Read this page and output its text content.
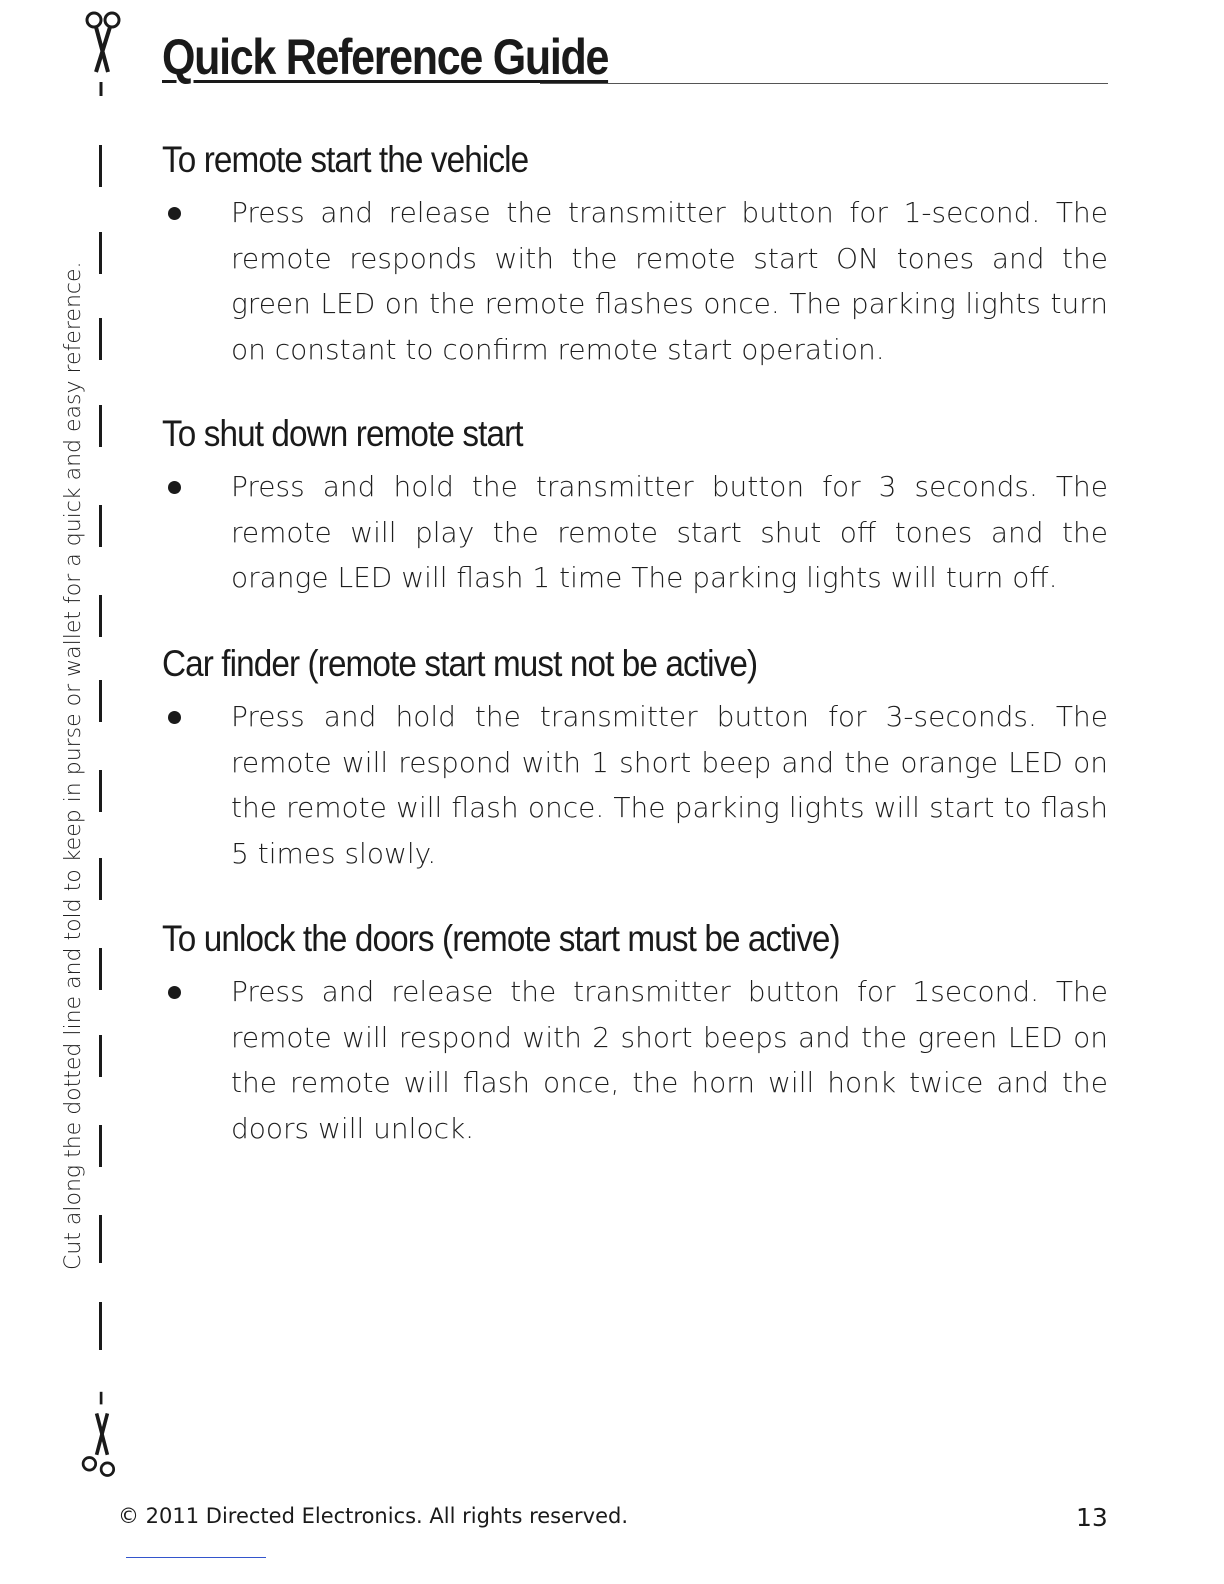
Quick Reference Guide
Cut along the dotted line and told to keep in purse or wallet for a quick and easy reference.
To remote start the vehicle
Press and release the transmitter button for 1-second. The remote responds with the remote start ON tones and the green LED on the remote flashes once. The parking lights turn on constant to confirm remote start operation.
To shut down remote start
Press and hold the transmitter button for 3 seconds. The remote will play the remote start shut off tones and the orange LED will flash 1 time The parking lights will turn off.
Car finder (remote start must not be active)
Press and hold the transmitter button for 3-seconds. The remote will respond with 1 short beep and the orange LED on the remote will flash once. The parking lights will start to flash 5 times slowly.
To unlock the doors (remote start must be active)
Press and release the transmitter button for 1second. The remote will respond with 2 short beeps and the green LED on the remote will flash once, the horn will honk twice and the doors will unlock.
© 2011 Directed Electronics. All rights reserved.	13
